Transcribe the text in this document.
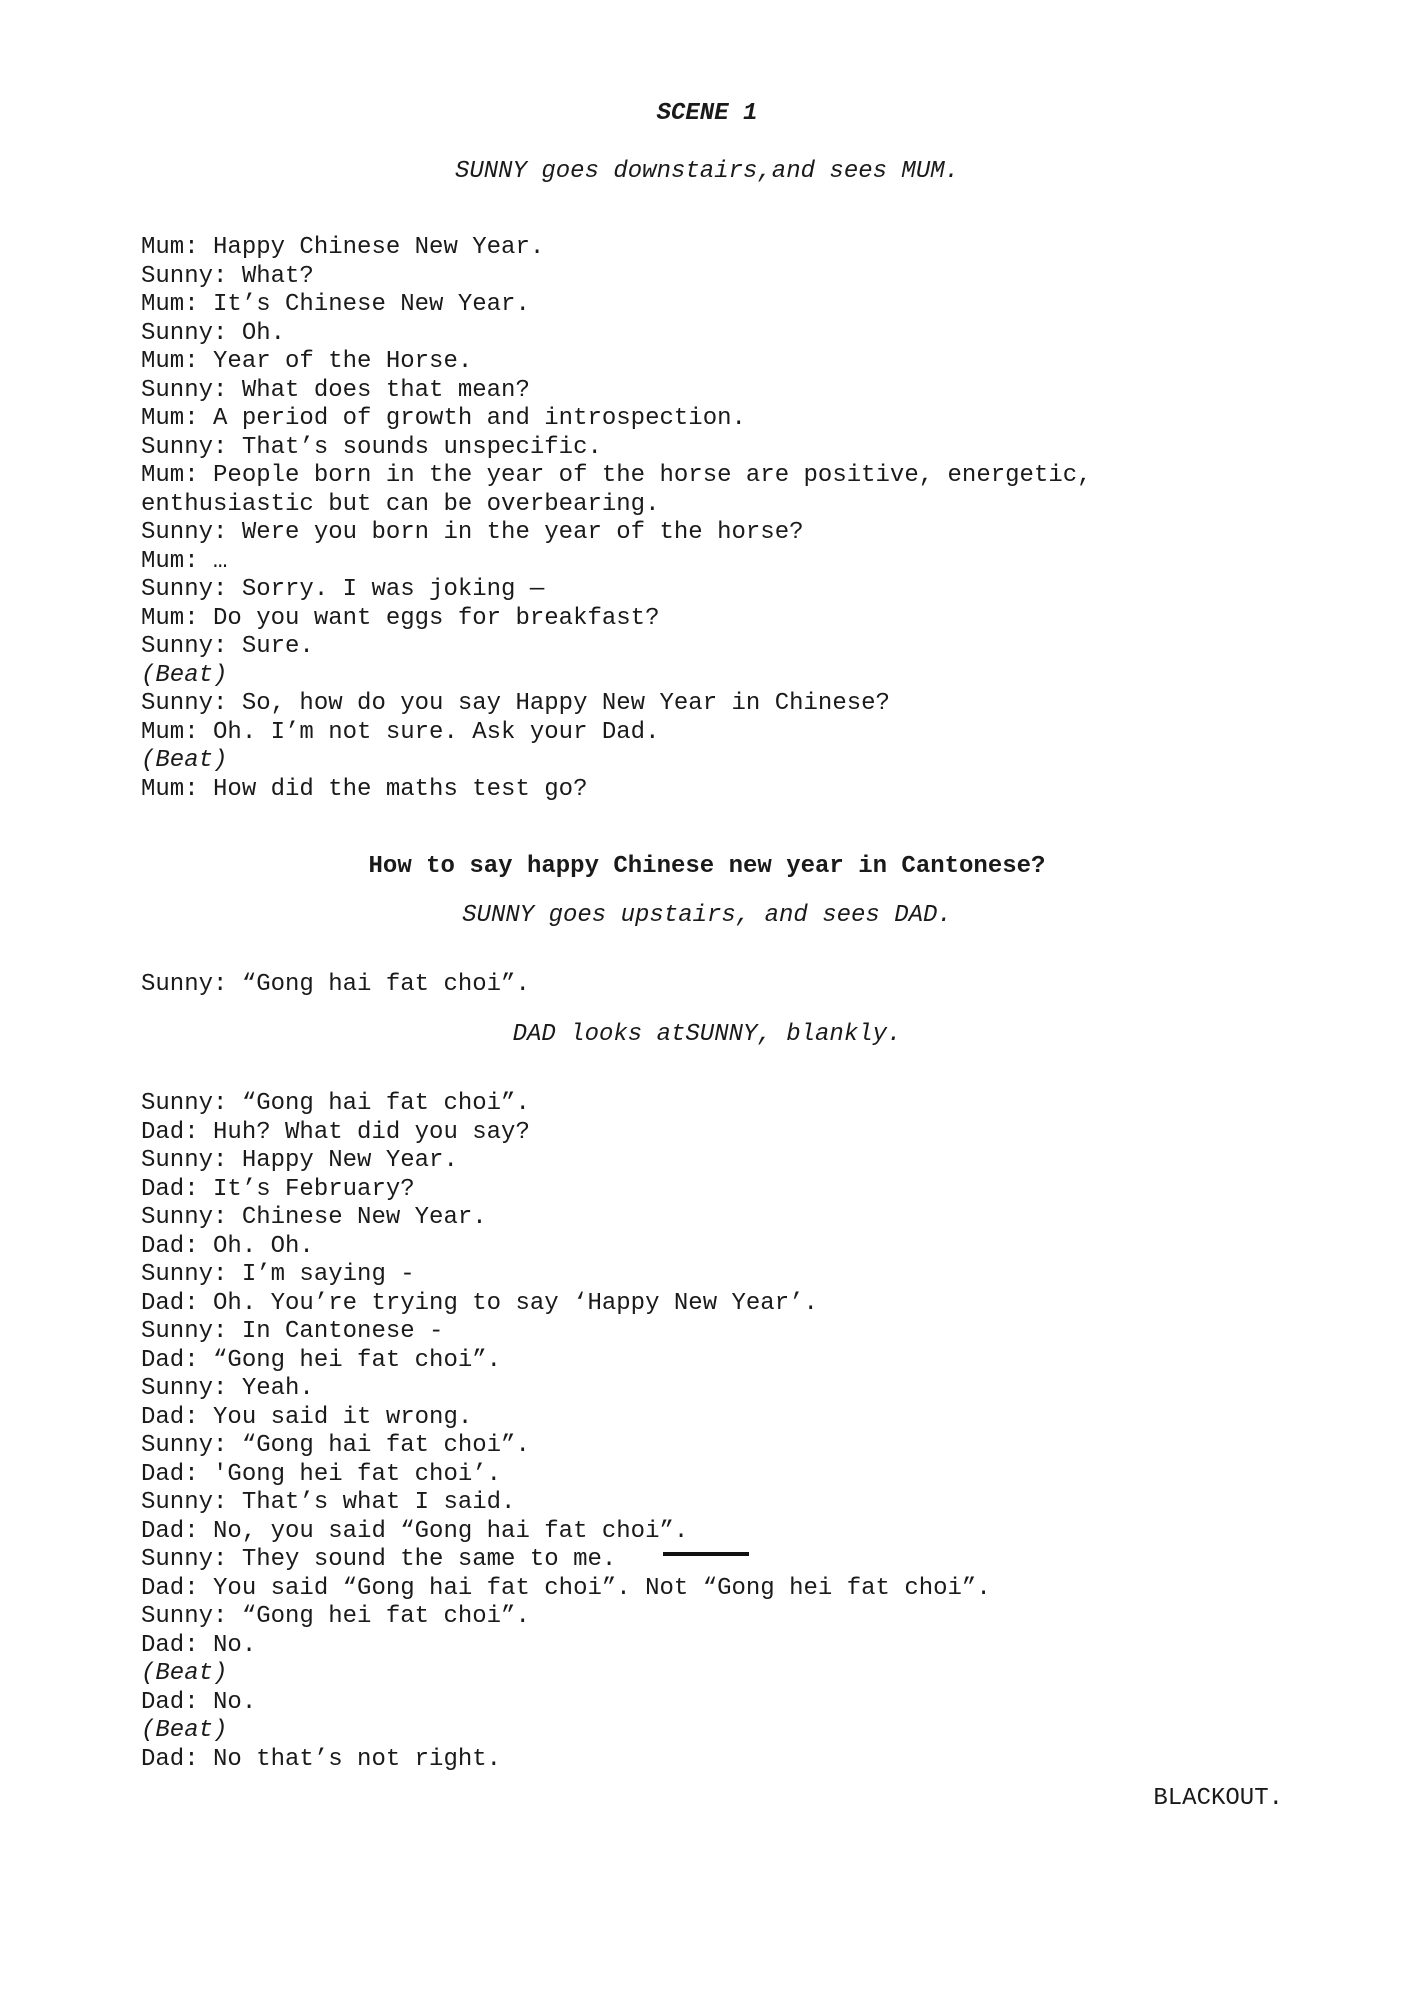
SCENE 1
SUNNY goes downstairs,and sees MUM.
Mum: Happy Chinese New Year.
Sunny: What?
Mum: It’s Chinese New Year.
Sunny: Oh.
Mum: Year of the Horse.
Sunny: What does that mean?
Mum: A period of growth and introspection.
Sunny: That’s sounds unspecific.
Mum: People born in the year of the horse are positive, energetic,
enthusiastic but can be overbearing.
Sunny: Were you born in the year of the horse?
Mum: …
Sunny: Sorry. I was joking —
Mum: Do you want eggs for breakfast?
Sunny: Sure.
(Beat)
Sunny: So, how do you say Happy New Year in Chinese?
Mum: Oh. I’m not sure. Ask your Dad.
(Beat)
Mum: How did the maths test go?
How to say happy Chinese new year in Cantonese?
SUNNY goes upstairs, and sees DAD.
Sunny: “Gong hai fat choi”.
DAD looks atSUNNY, blankly.
Sunny: “Gong hai fat choi”.
Dad: Huh? What did you say?
Sunny: Happy New Year.
Dad: It’s February?
Sunny: Chinese New Year.
Dad: Oh. Oh.
Sunny: I’m saying -
Dad: Oh. You’re trying to say ‘Happy New Year’.
Sunny: In Cantonese -
Dad: “Gong hei fat choi”.
Sunny: Yeah.
Dad: You said it wrong.
Sunny: “Gong hai fat choi”.
Dad: 'Gong hei fat choi’.
Sunny: That’s what I said.
Dad: No, you said “Gong hai fat choi”.
Sunny: They sound the same to me.
Dad: You said “Gong hai fat choi”. Not “Gong hei fat choi”.
Sunny: “Gong hei fat choi”.
Dad: No.
(Beat)
Dad: No.
(Beat)
Dad: No that’s not right.
BLACKOUT.
